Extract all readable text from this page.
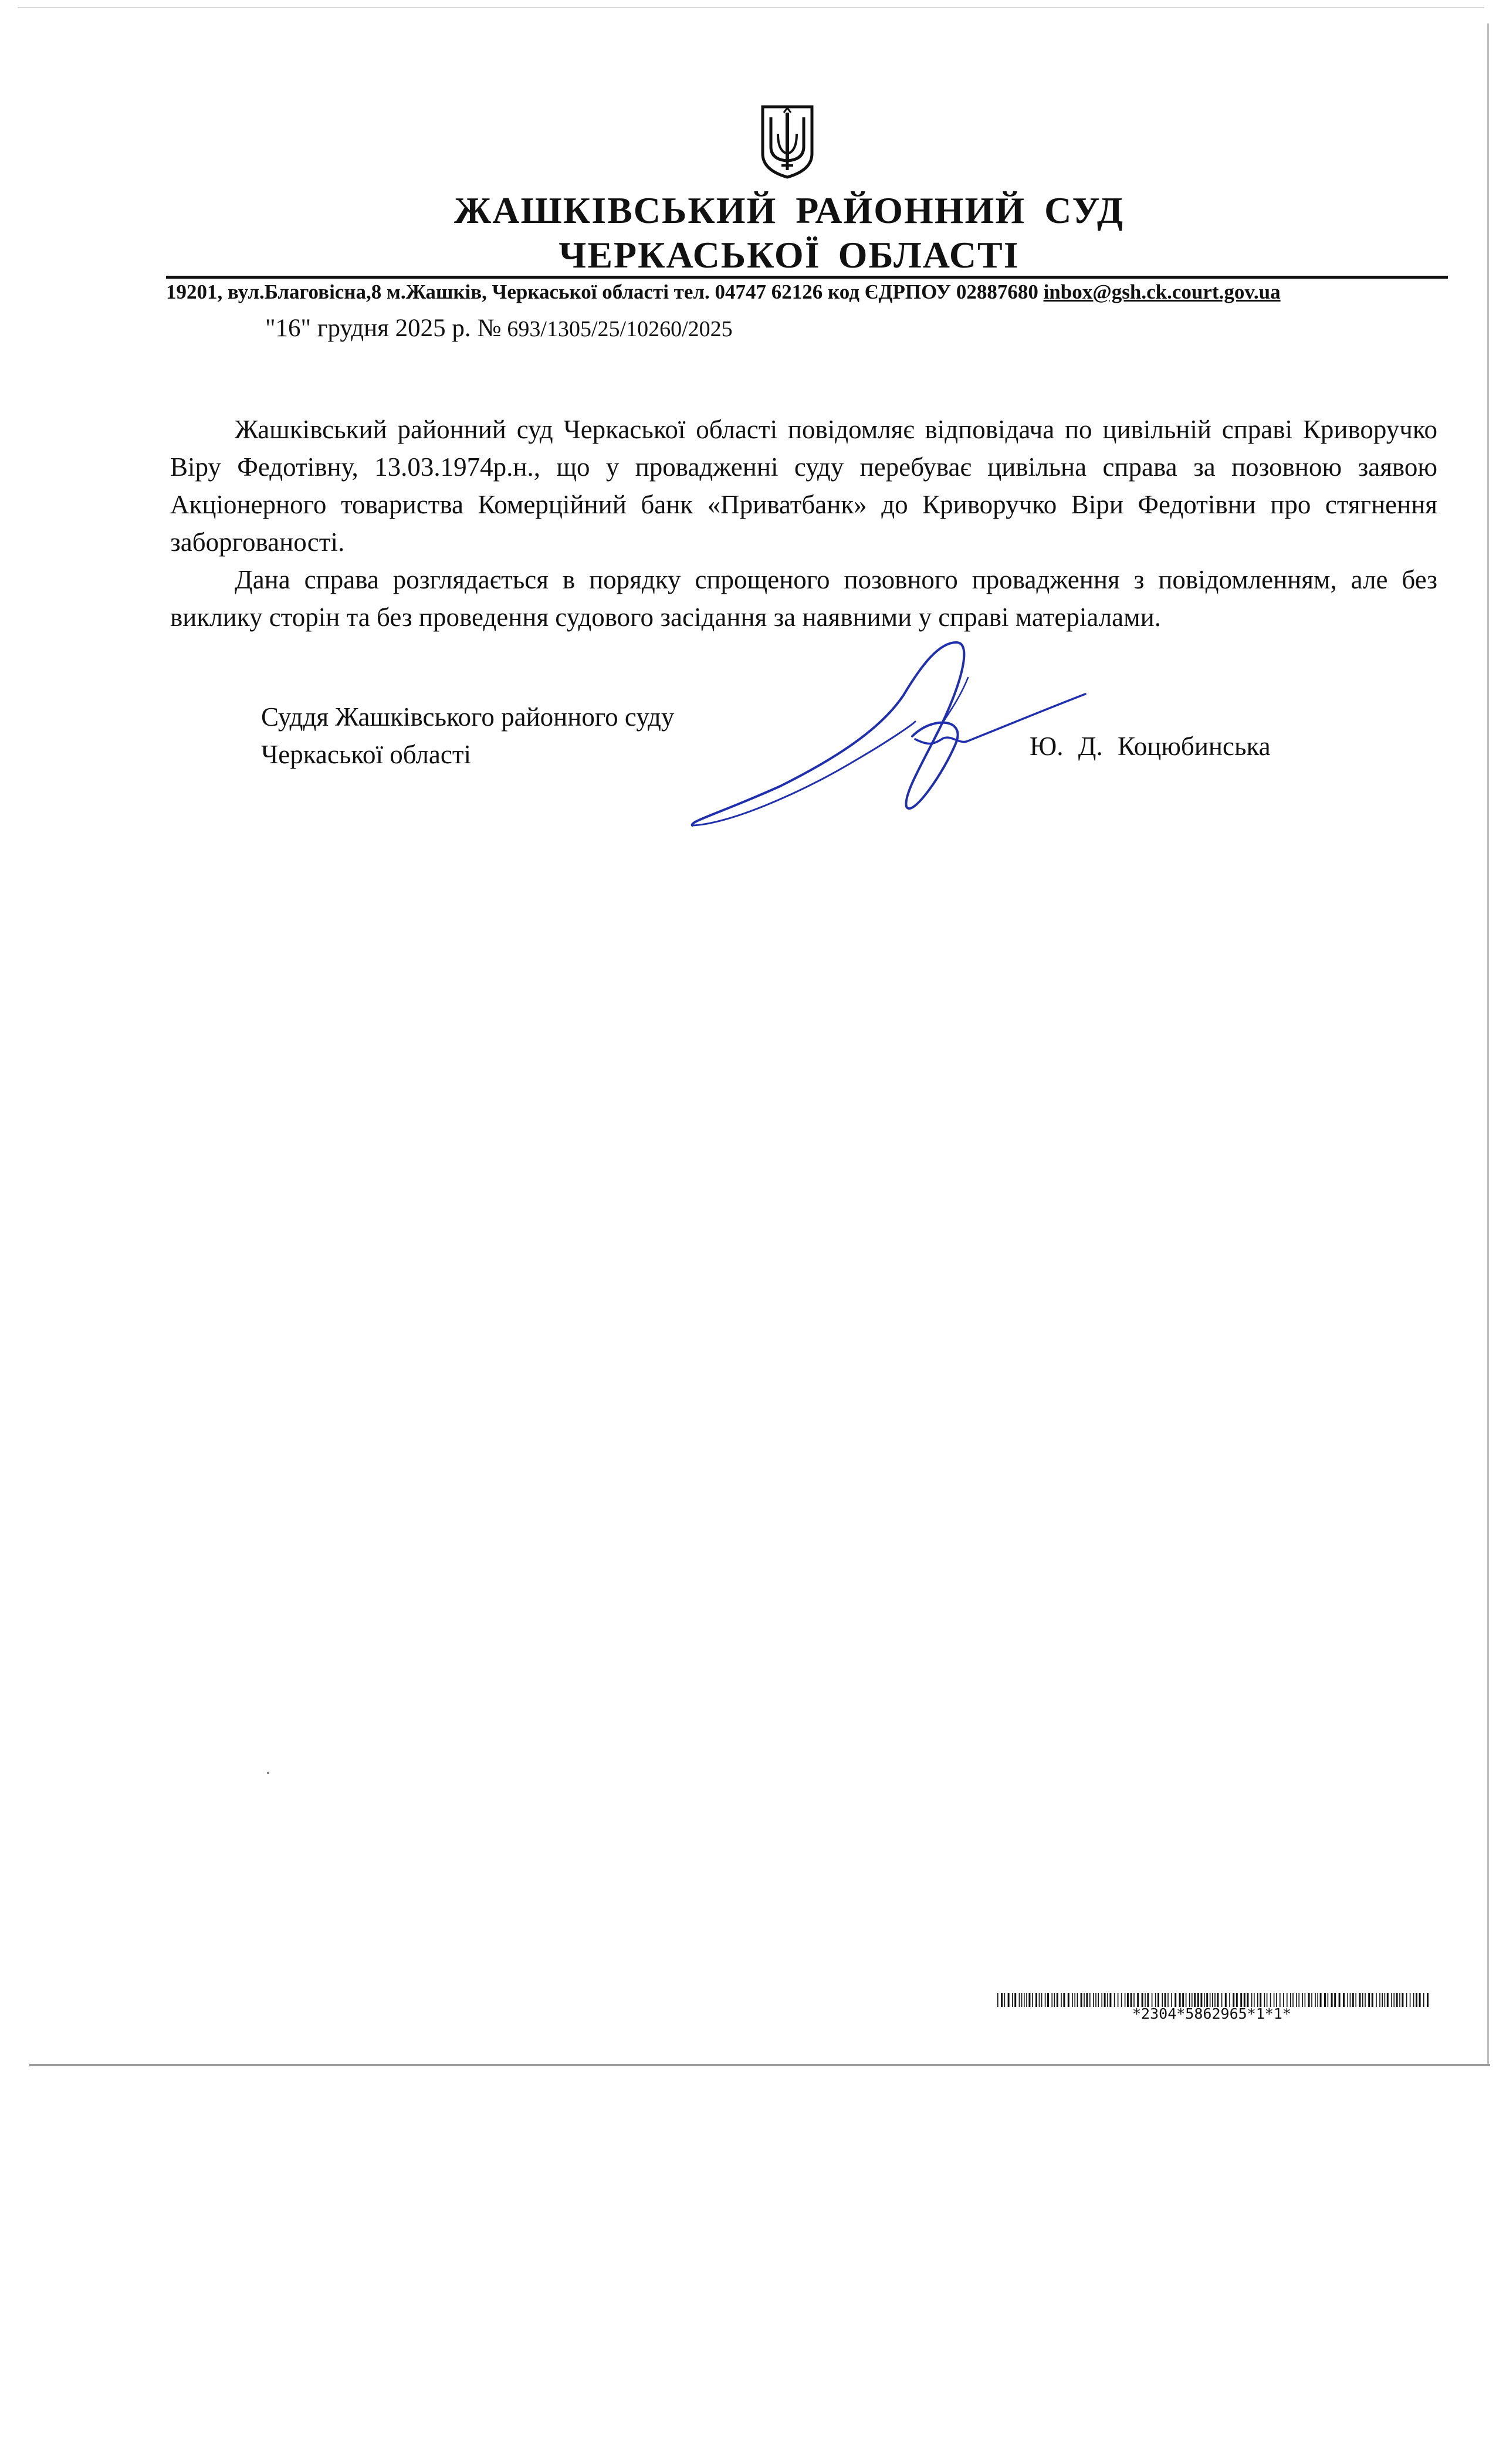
ЖАШКІВСЬКИЙ РАЙОННИЙ СУД
ЧЕРКАСЬКОЇ ОБЛАСТІ
19201, вул.Благовісна,8 м.Жашків, Черкаської області тел. 04747 62126 код ЄДРПОУ 02887680 inbox@gsh.ck.court.gov.ua
"16" грудня 2025 р. № 693/1305/25/10260/2025

Жашківський районний суд Черкаської області повідомляє відповідача по цивільній справі Криворучко Віру Федотівну, 13.03.1974р.н., що у провадженні суду перебуває цивільна справа за позовною заявою Акціонерного товариства Комерційний банк «Приватбанк» до Криворучко Віри Федотівни про стягнення заборгованості.

Дана справа розглядається в порядку спрощеного позовного провадження з повідомленням, але без виклику сторін та без проведення судового засідання за наявними у справі матеріалами.

Суддя Жашківського районного суду
Черкаської області	Ю. Д. Коцюбинська
*2304*5862965*1*1*
